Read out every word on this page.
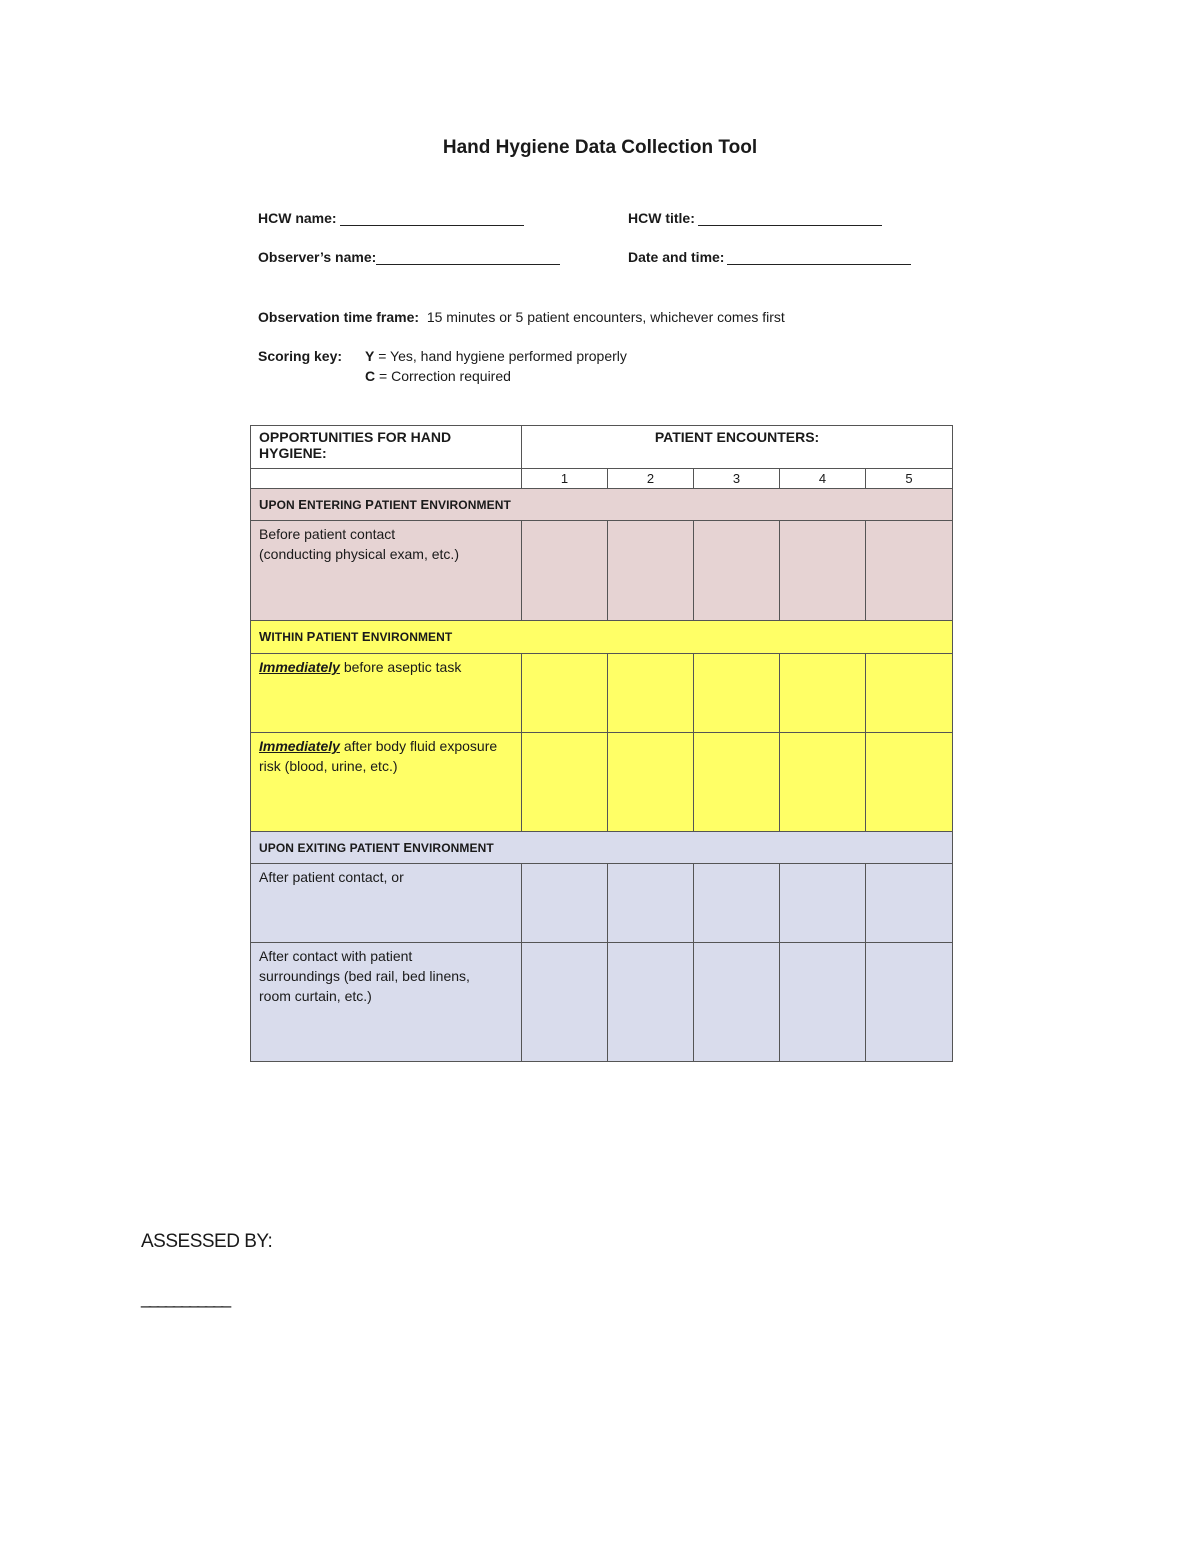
Hand Hygiene Data Collection Tool
HCW name:	HCW title:
Observer’s name:	Date and time:
Observation time frame: 15 minutes or 5 patient encounters, whichever comes first
Scoring key: Y = Yes, hand hygiene performed properly
C = Correction required
OPPORTUNITIES FOR HAND HYGIENE:	PATIENT ENCOUNTERS:				
	1	2	3	4	5
UPON ENTERING PATIENT ENVIRONMENT					

Before patient contact
(conducting physical exam, etc.)					

WITHIN PATIENT ENVIRONMENT					
Immediately before aseptic task					

Immediately after body fluid exposure
risk (blood, urine, etc.)					

UPON EXITING PATIENT ENVIRONMENT					

After patient contact, or					

After contact with patient
surroundings (bed rail, bed linens,
room curtain, etc.)					

ASSESSED BY:
___________
